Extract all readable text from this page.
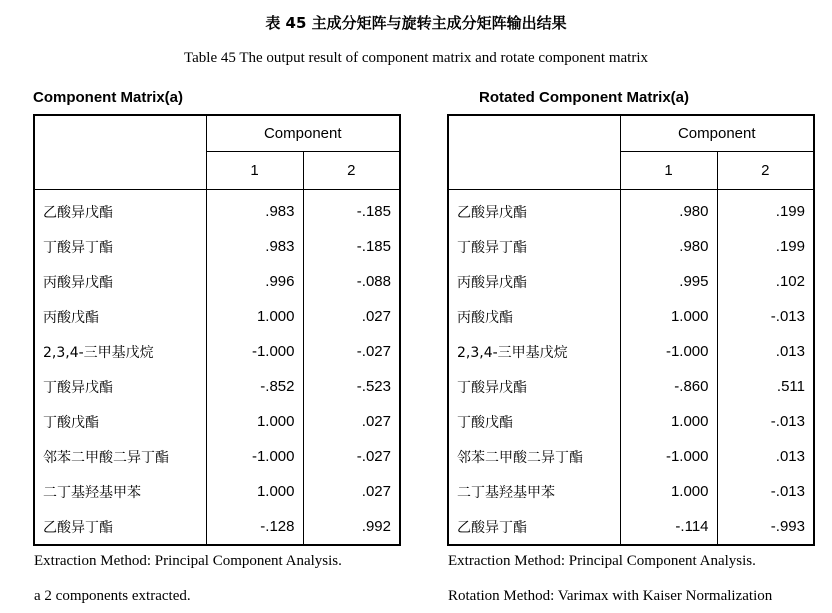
表 45 主成分矩阵与旋转主成分矩阵输出结果
Table 45 The output result of component matrix and rotate component matrix
Component Matrix(a)
	Component	
	1	2
乙酸异戊酯	.983	-.185
丁酸异丁酯	.983	-.185
丙酸异戊酯	.996	-.088
丙酸戊酯	1.000	.027
2,3,4-三甲基戊烷	-1.000	-.027
丁酸异戊酯	-.852	-.523
丁酸戊酯	1.000	.027
邻苯二甲酸二异丁酯	-1.000	-.027
二丁基羟基甲苯	1.000	.027
乙酸异丁酯	-.128	.992
Rotated Component Matrix(a)
	Component	
	1	2
乙酸异戊酯	.980	.199
丁酸异丁酯	.980	.199
丙酸异戊酯	.995	.102
丙酸戊酯	1.000	-.013
2,3,4-三甲基戊烷	-1.000	.013
丁酸异戊酯	-.860	.511
丁酸戊酯	1.000	-.013
邻苯二甲酸二异丁酯	-1.000	.013
二丁基羟基甲苯	1.000	-.013
乙酸异丁酯	-.114	-.993
Extraction Method: Principal Component Analysis.
a 2 components extracted.
Extraction Method: Principal Component Analysis.
Rotation Method: Varimax with Kaiser Normalization
